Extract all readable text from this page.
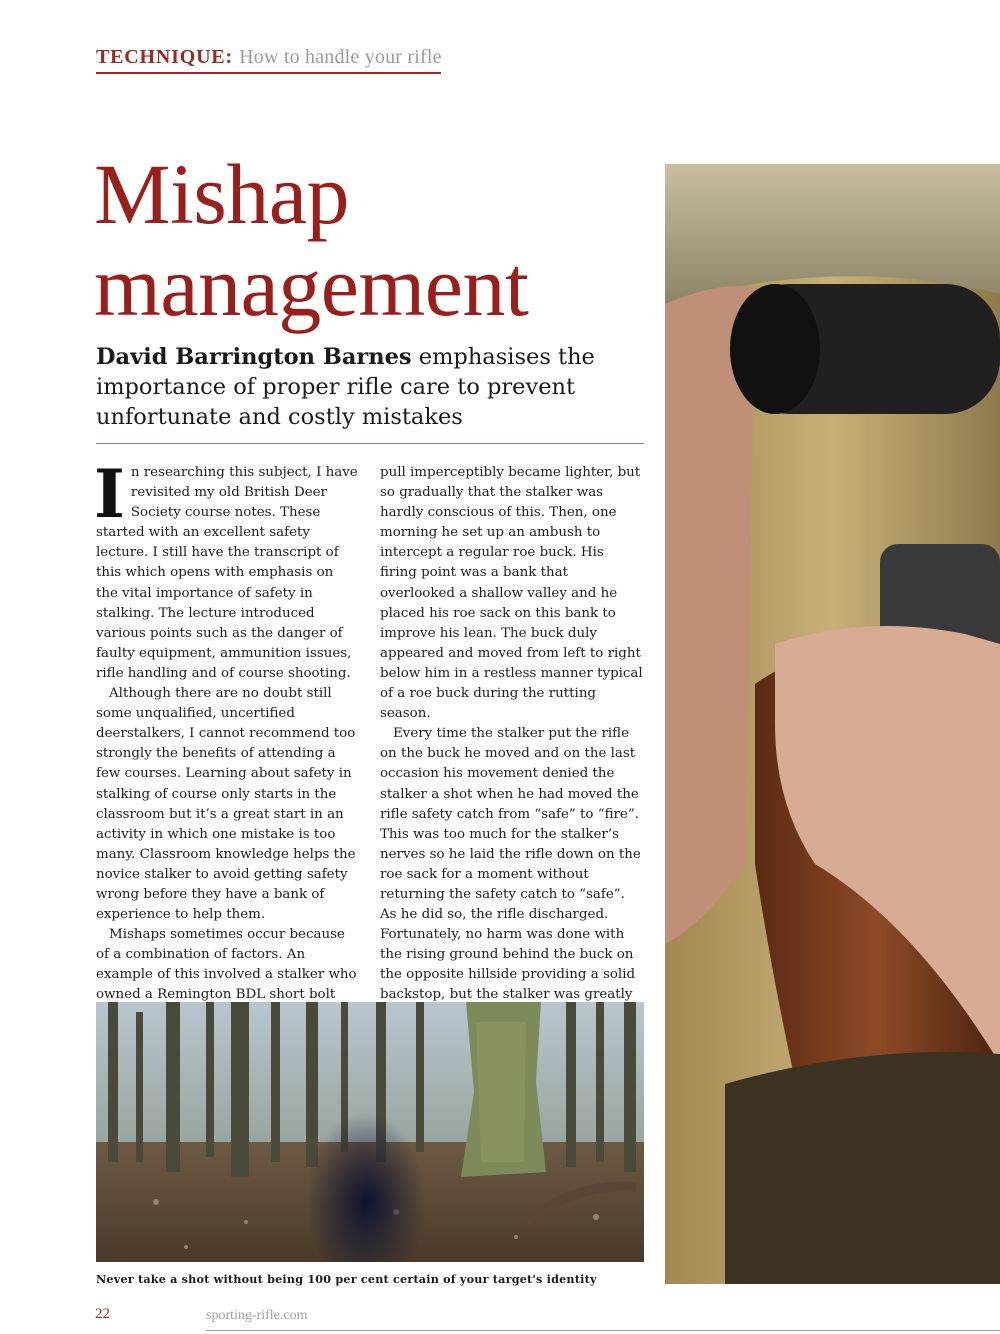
TECHNIQUE: How to handle your rifle
Mishap
management
David Barrington Barnes emphasises the importance of proper rifle care to prevent unfortunate and costly mistakes

In researching this subject, I have revisited my old British Deer Society course notes. These started with an excellent safety lecture. I still have the transcript of this which opens with emphasis on the vital importance of safety in stalking. The lecture introduced various points such as the danger of faulty equipment, ammunition issues, rifle handling and of course shooting.

Although there are no doubt still some unqualified, uncertified deerstalkers, I cannot recommend too strongly the benefits of attending a few courses. Learning about safety in stalking of course only starts in the classroom but it’s a great start in an activity in which one mistake is too many. Classroom knowledge helps the novice stalker to avoid getting safety wrong before they have a bank of experience to help them.

Mishaps sometimes occur because of a combination of factors. An example of this involved a stalker who owned a Remington BDL short bolt

pull imperceptibly became lighter, but so gradually that the stalker was hardly conscious of this. Then, one morning he set up an ambush to intercept a regular roe buck. His firing point was a bank that overlooked a shallow valley and he placed his roe sack on this bank to improve his lean. The buck duly appeared and moved from left to right below him in a restless manner typical of a roe buck during the rutting season.

Every time the stalker put the rifle on the buck he moved and on the last occasion his movement denied the stalker a shot when he had moved the rifle safety catch from “safe” to “fire”. This was too much for the stalker’s nerves so he laid the rifle down on the roe sack for a moment without returning the safety catch to “safe”. As he did so, the rifle discharged. Fortunately, no harm was done with the rising ground behind the buck on the opposite hillside providing a solid backstop, but the stalker was greatly

Never take a shot without being 100 per cent certain of your target's identity
22	sporting-rifle.com
